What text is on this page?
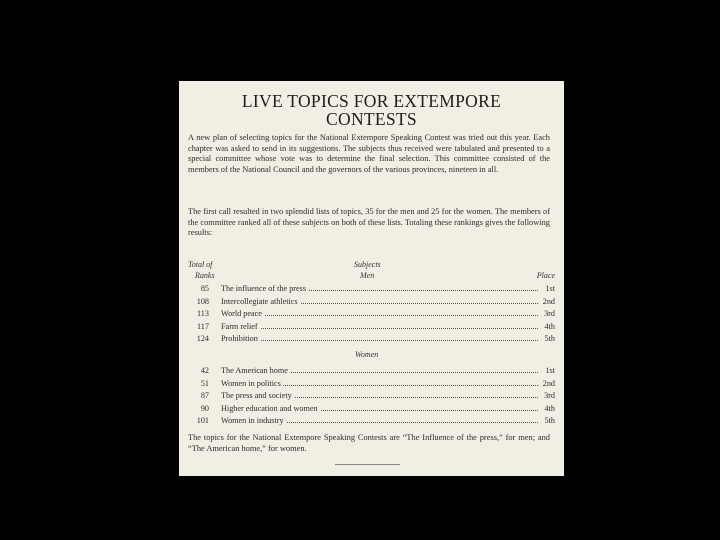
LIVE TOPICS FOR EXTEMPORE
CONTESTS

A new plan of selecting topics for the National Extempore Speaking Contest was tried out this year. Each chapter was asked to send in its suggestions. The subjects thus received were tabulated and presented to a special committee whose vote was to determine the final selection. This committee consisted of the members of the National Council and the governors of the various provinces, nineteen in all.

The first call resulted in two splendid lists of topics, 35 for the men and 25 for the women. The members of the committee ranked all of these subjects on both of these lists. Totaling these rankings gives the following results:

Total of
Ranks
Subjects
Men	Place
85 The influence of the press	1st
108 Intercollegiate athletics	2nd
113 World peace	3rd
117 Farm relief	4th
124 Prohibition	5th
Women
42 The American home	1st
51 Women in politics	2nd
87 The press and society	3rd
90 Higher education and women	4th
101 Women in industry	5th

The topics for the National Extempore Speaking Contests are “The Influence of the press,” for men; and “The American home,” for women.
